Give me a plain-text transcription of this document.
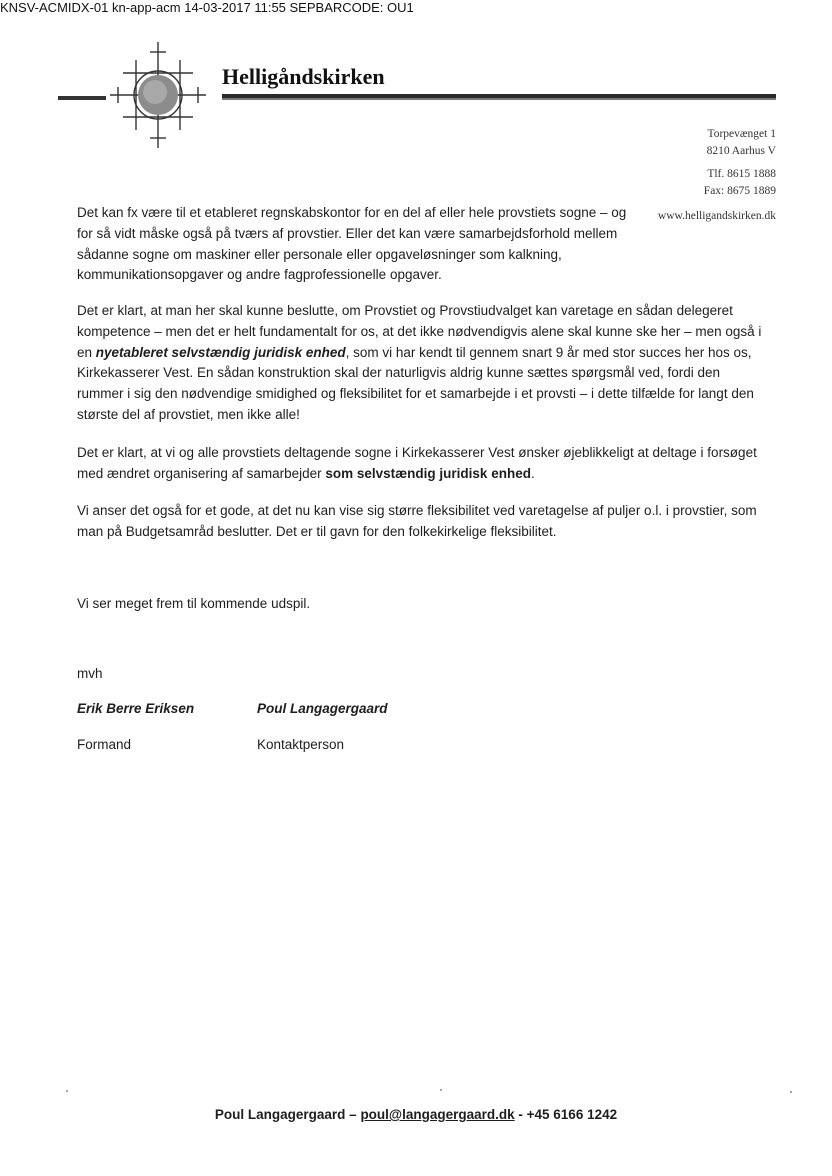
KNSV-ACMIDX-01 kn-app-acm 14-03-2017 11:55 SEPBARCODE: OU1
Helligåndskirken
Torpevænget 1
8210 Aarhus V
Tlf. 8615 1888
Fax: 8675 1889
www.helligandskirken.dk

Det kan fx være til et etableret regnskabskontor for en del af eller hele provstiets sogne – og for så vidt måske også på tværs af provstier. Eller det kan være samarbejdsforhold mellem sådanne sogne om maskiner eller personale eller opgaveløsninger som kalkning, kommunikationsopgaver og andre fagprofessionelle opgaver.

Det er klart, at man her skal kunne beslutte, om Provstiet og Provstiudvalget kan varetage en sådan delegeret kompetence – men det er helt fundamentalt for os, at det ikke nødvendigvis alene skal kunne ske her – men også i en nyetableret selvstændig juridisk enhed, som vi har kendt til gennem snart 9 år med stor succes her hos os, Kirkekasserer Vest. En sådan konstruktion skal der naturligvis aldrig kunne sættes spørgsmål ved, fordi den rummer i sig den nødvendige smidighed og fleksibilitet for et samarbejde i et provsti – i dette tilfælde for langt den største del af provstiet, men ikke alle!

Det er klart, at vi og alle provstiets deltagende sogne i Kirkekasserer Vest ønsker øjeblikkeligt at deltage i forsøget med ændret organisering af samarbejder som selvstændig juridisk enhed.

Vi anser det også for et gode, at det nu kan vise sig større fleksibilitet ved varetagelse af puljer o.l. i provstier, som man på Budgetsamråd beslutter. Det er til gavn for den folkekirkelige fleksibilitet.

Vi ser meget frem til kommende udspil.

mvh

Erik Berre Eriksen	Poul Langagergaard
Formand	Kontaktperson
Poul Langagergaard – poul@langagergaard.dk - +45 6166 1242
